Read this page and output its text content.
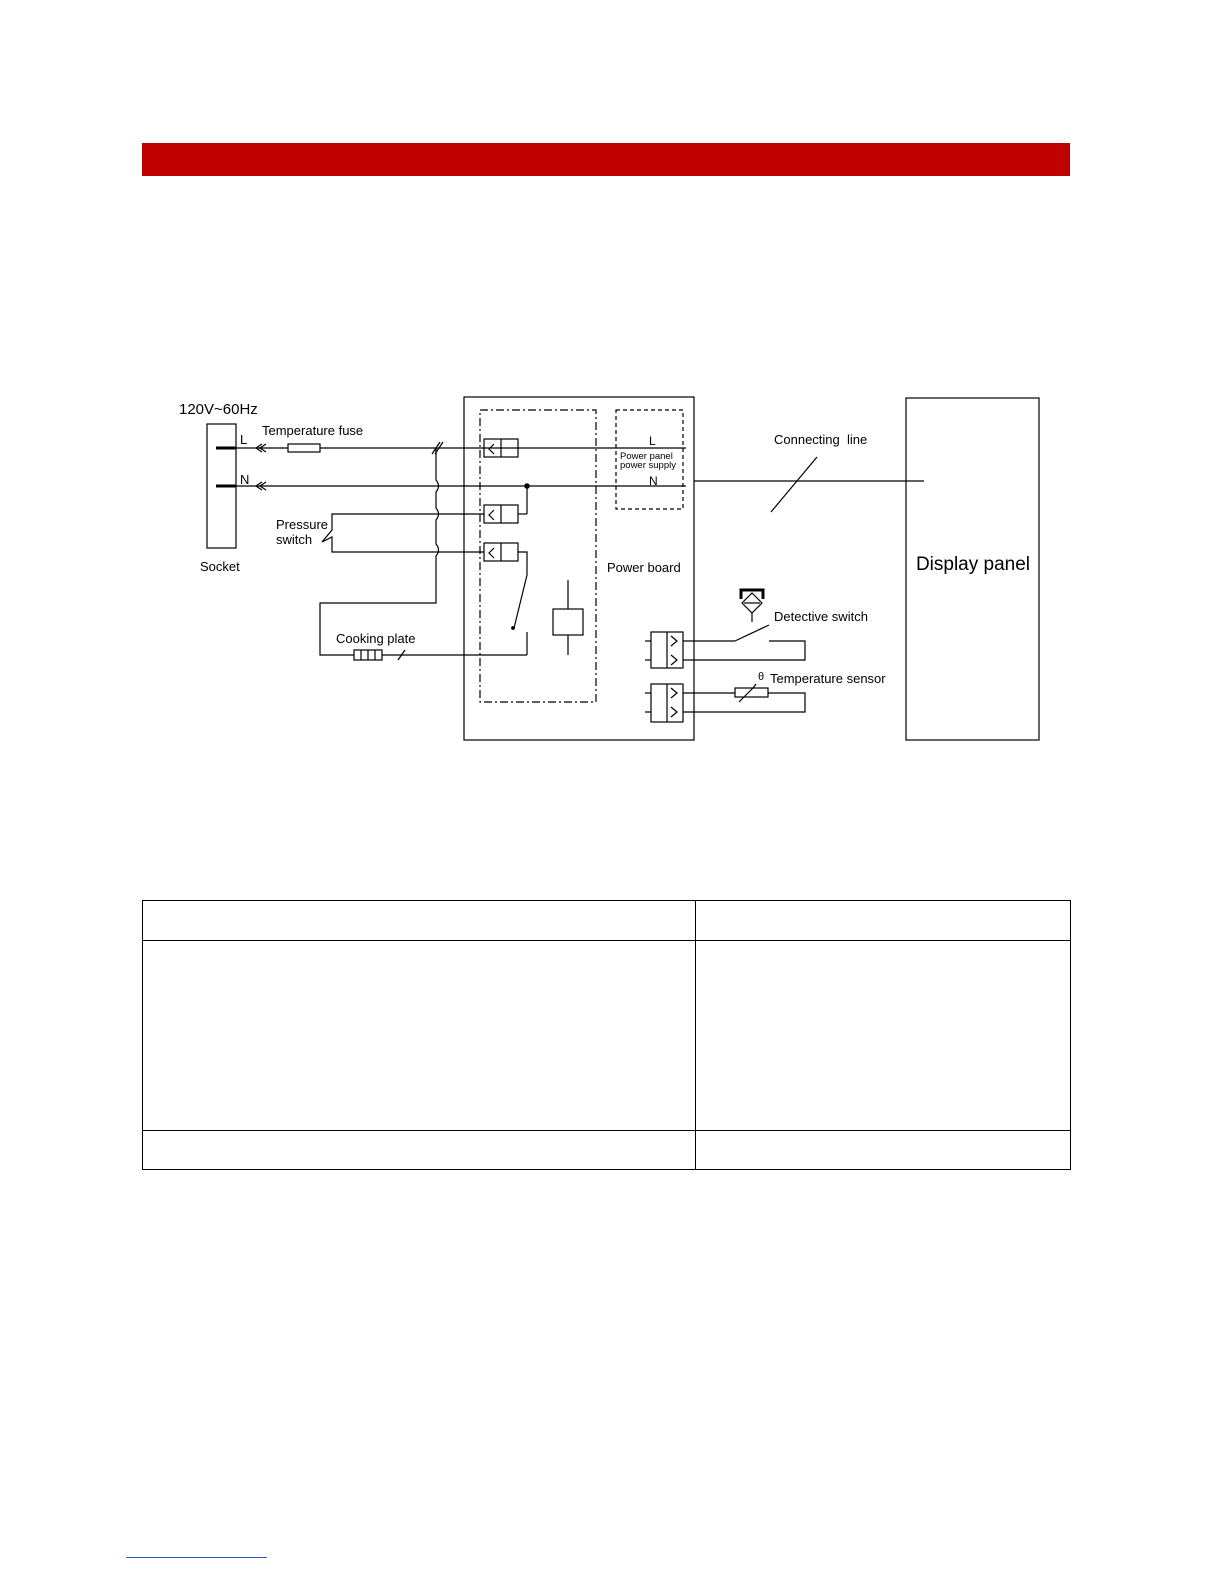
120V~60Hz
Socket
L
N
Temperature fuse
Pressure
switch
Cooking plate
L
Power panel
power supply
N
Power board
Connecting  line
Display panel
Detective switch
θ Temperature sensor
